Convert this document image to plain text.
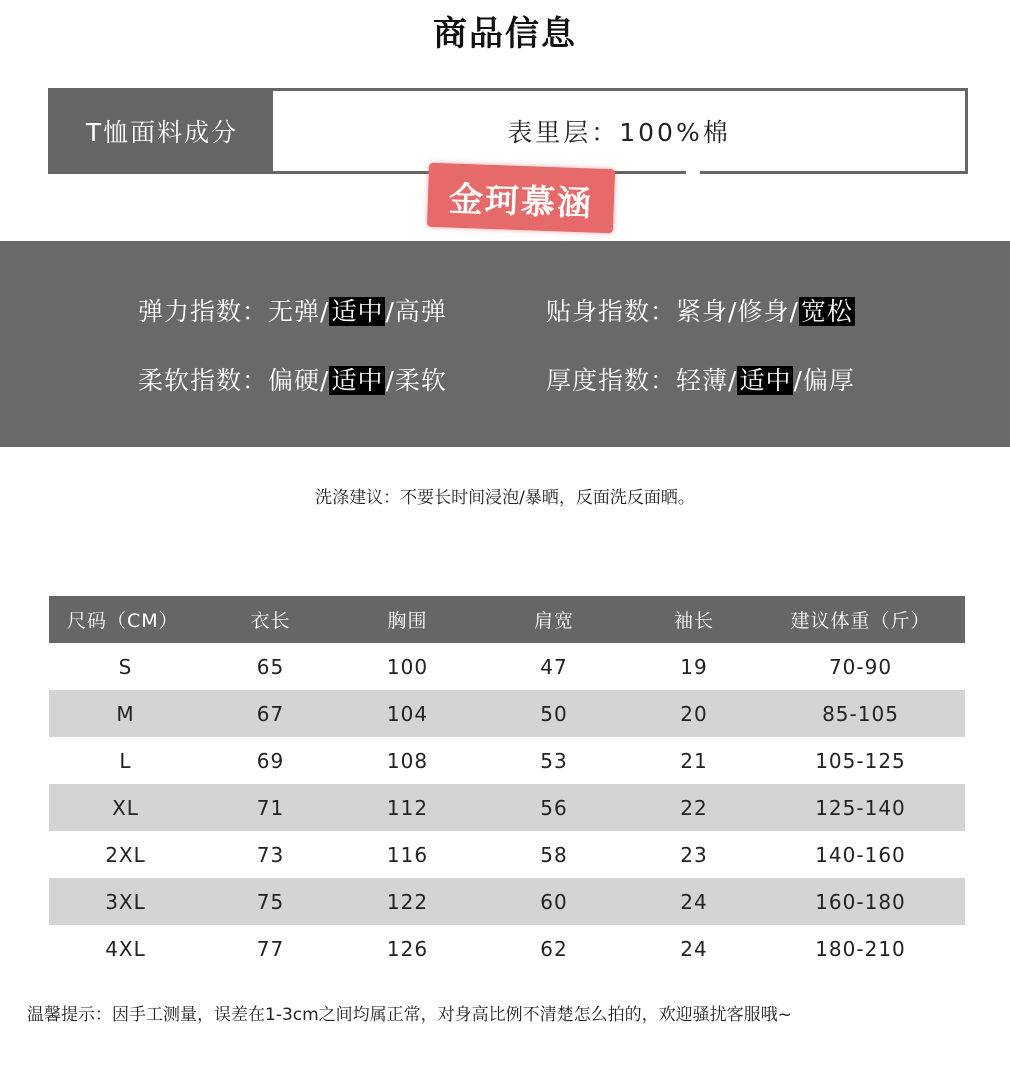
商品信息
T恤面料成分	表里层：100%棉
金珂慕涵
弹力指数：无弹/适中/高弹	贴身指数：紧身/修身/宽松
柔软指数：偏硬/适中/柔软	厚度指数：轻薄/适中/偏厚
洗涤建议：不要长时间浸泡/暴晒，反面洗反面晒。
尺码（CM）	衣长	胸围	肩宽	袖长	建议体重（斤）
S	65	100	47	19	70-90
M	67	104	50	20	85-105
L	69	108	53	21	105-125
XL	71	112	56	22	125-140
2XL	73	116	58	23	140-160
3XL	75	122	60	24	160-180
4XL	77	126	62	24	180-210
温馨提示：因手工测量，误差在1-3cm之间均属正常，对身高比例不清楚怎么拍的，欢迎骚扰客服哦~
